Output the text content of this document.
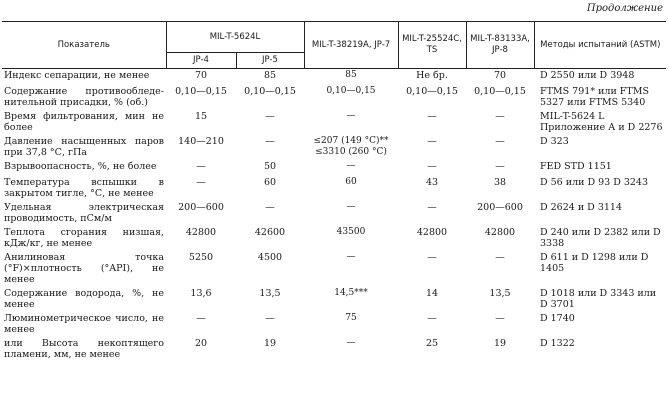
Продолжение
Показатель	MIL-T-5624L		MIL-T-38219A, JP-7	MIL-T-25524C, TS	MIL-T-83133A, JP-8	Методы испытаний (ASTM)
	JP-4	JP-5				
Индекс сепарации, не менее	70	85	85	Не бр.	70	D 2550 или D 3948
Содержание противообледе-нительной присадки, % (об.)	0,10—0,15	0,10—0,15	0,10—0,15	0,10—0,15	0,10—0,15	FTMS 791* или FTMS 5327 или FTMS 5340
Время фильтрования, мин не более	15	—	—	—	—	MIL-T-5624 L Приложение А и D 2276
Давление насыщенных паров при 37,8 °С, гПа	140—210	—	≤207 (149 °С)** ≤3310 (260 °С)	—	—	D 323
Взрывоопасность, %, не более	—	50	—	—	—	FED STD 1151
Температура вспышки в закрытом тигле, °С, не менее	—	60	60	43	38	D 56 или D 93 D 3243
Удельная электрическая проводимость, пСм/м	200—600	—	—	—	200—600	D 2624 и D 3114
Теплота сгорания низшая, кДж/кг, не менее	42800	42600	43500	42800	42800	D 240 или D 2382 или D 3338
Анилиновая точка (°F)×плотность (°API), не менее	5250	4500	—	—	—	D 611 и D 1298 или D 1405
Содержание водорода, %, не менее	13,6	13,5	14,5***	14	13,5	D 1018 или D 3343 или D 3701
Люминометрическое число, не менее	—	—	75	—	—	D 1740
или Высота некоптящего пламени, мм, не менее	20	19	—	25	19	D 1322
